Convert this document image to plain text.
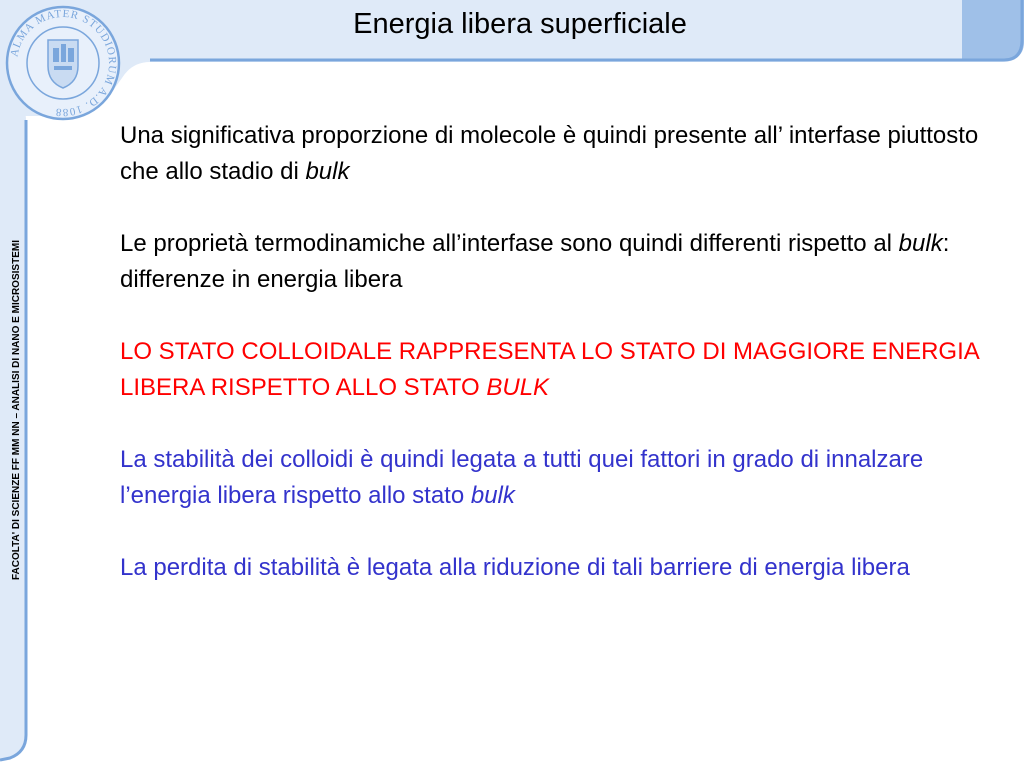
ALMA MATER STUDIORUM A.D. 1088
Energia libera superficiale
FACOLTA' DI SCIENZE FF MM NN – ANALISI DI NANO E MICROSISTEMI

Una significativa proporzione di molecole è quindi presente all’ interfase piuttosto che allo stadio di bulk

Le proprietà termodinamiche all’interfase sono quindi differenti rispetto al bulk: differenze in energia libera

LO STATO COLLOIDALE RAPPRESENTA LO STATO DI MAGGIORE ENERGIA LIBERA RISPETTO ALLO STATO BULK

La stabilità dei colloidi è quindi legata a tutti quei fattori in grado di innalzare l’energia libera rispetto allo stato bulk

La perdita di stabilità è legata alla riduzione di tali barriere di energia libera
